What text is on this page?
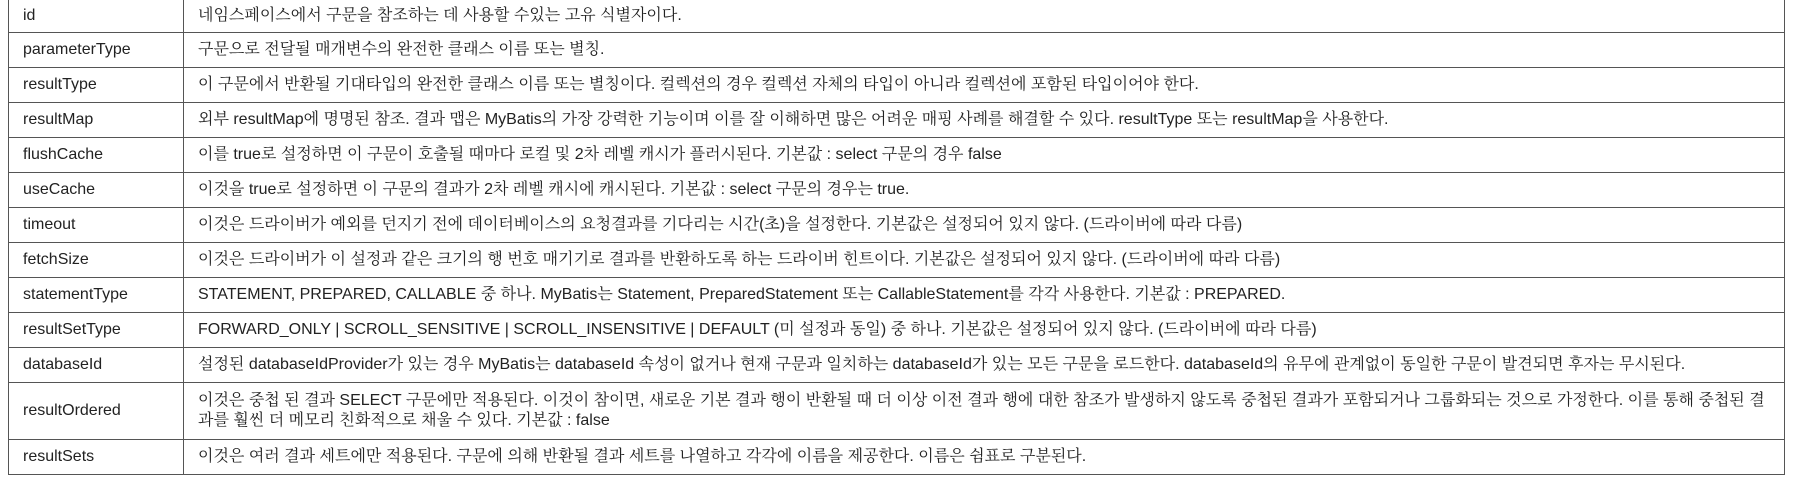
id	네임스페이스에서 구문을 참조하는 데 사용할 수있는 고유 식별자이다.
parameterType	구문으로 전달될 매개변수의 완전한 클래스 이름 또는 별칭.
resultType	이 구문에서 반환될 기대타입의 완전한 클래스 이름 또는 별칭이다. 컬렉션의 경우 컬렉션 자체의 타입이 아니라 컬렉션에 포함된 타입이어야 한다.
resultMap	외부 resultMap에 명명된 참조. 결과 맵은 MyBatis의 가장 강력한 기능이며 이를 잘 이해하면 많은 어려운 매핑 사례를 해결할 수 있다. resultType 또는 resultMap을 사용한다.
flushCache	이를 true로 설정하면 이 구문이 호출될 때마다 로컬 및 2차 레벨 캐시가 플러시된다. 기본값 : select 구문의 경우 false
useCache	이것을 true로 설정하면 이 구문의 결과가 2차 레벨 캐시에 캐시된다. 기본값 : select 구문의 경우는 true.
timeout	이것은 드라이버가 예외를 던지기 전에 데이터베이스의 요청결과를 기다리는 시간(초)을 설정한다. 기본값은 설정되어 있지 않다. (드라이버에 따라 다름)
fetchSize	이것은 드라이버가 이 설정과 같은 크기의 행 번호 매기기로 결과를 반환하도록 하는 드라이버 힌트이다. 기본값은 설정되어 있지 않다. (드라이버에 따라 다름)
statementType	STATEMENT, PREPARED, CALLABLE 중 하나. MyBatis는 Statement, PreparedStatement 또는 CallableStatement를 각각 사용한다. 기본값 : PREPARED.
resultSetType	FORWARD_ONLY | SCROLL_SENSITIVE | SCROLL_INSENSITIVE | DEFAULT (미 설정과 동일) 중 하나. 기본값은 설정되어 있지 않다. (드라이버에 따라 다름)
databaseId	설정된 databaseIdProvider가 있는 경우 MyBatis는 databaseId 속성이 없거나 현재 구문과 일치하는 databaseId가 있는 모든 구문을 로드한다. databaseId의 유무에 관계없이 동일한 구문이 발견되면 후자는 무시된다.
resultOrdered	이것은 중첩 된 결과 SELECT 구문에만 적용된다. 이것이 참이면, 새로운 기본 결과 행이 반환될 때 더 이상 이전 결과 행에 대한 참조가 발생하지 않도록 중첩된 결과가 포함되거나 그룹화되는 것으로 가정한다. 이를 통해 중첩된 결과를 훨씬 더 메모리 친화적으로 채울 수 있다. 기본값 : false
resultSets	이것은 여러 결과 세트에만 적용된다. 구문에 의해 반환될 결과 세트를 나열하고 각각에 이름을 제공한다. 이름은 쉼표로 구분된다.
